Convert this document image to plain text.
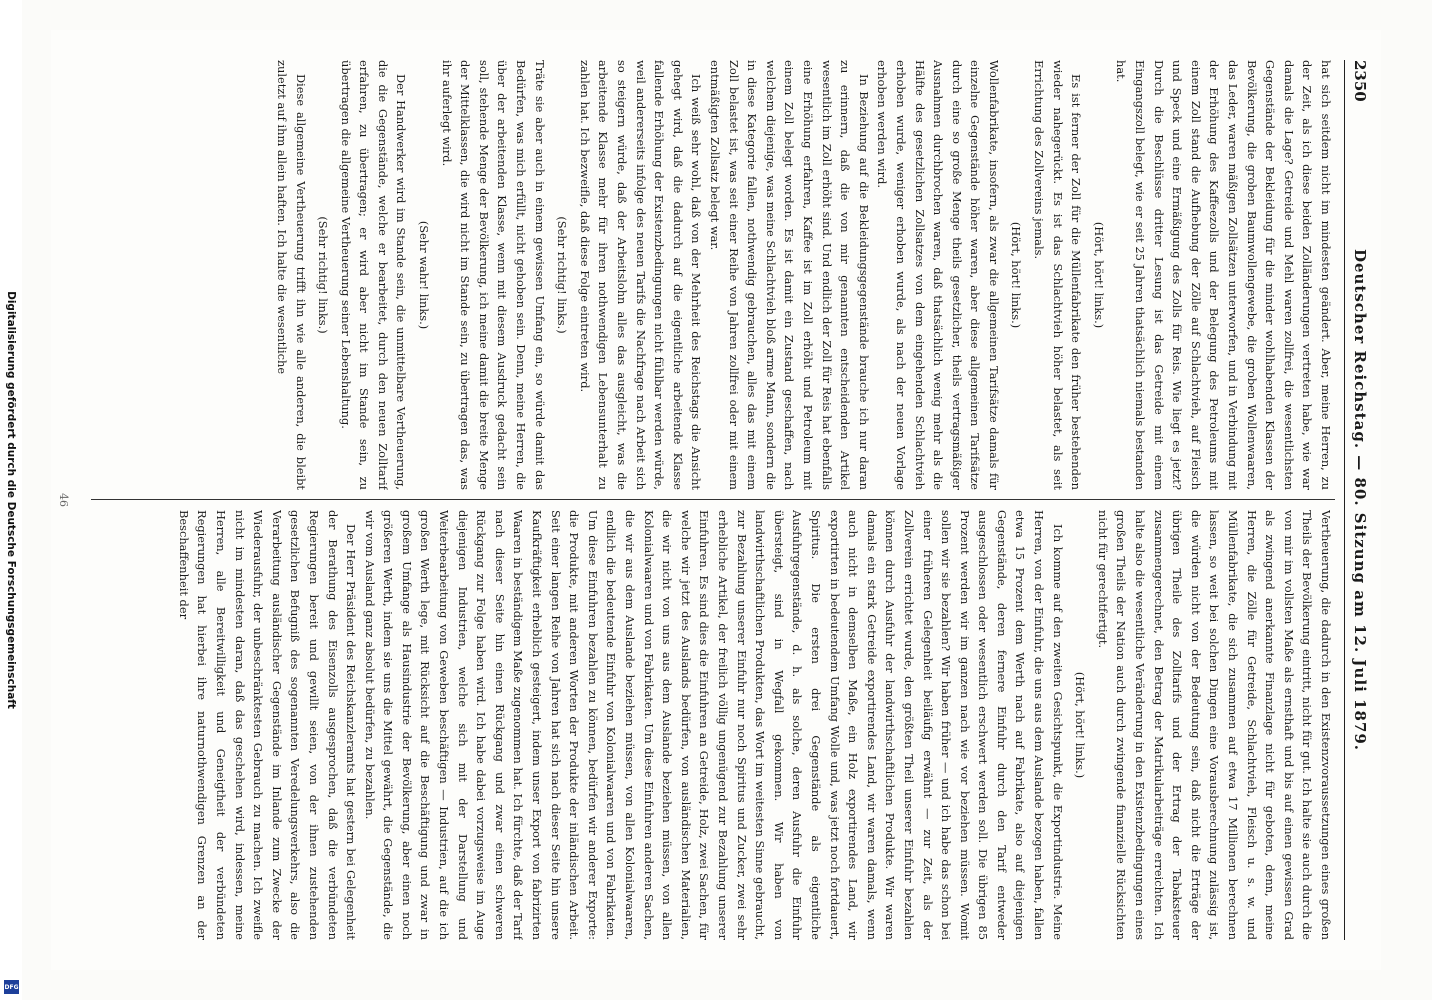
Digitalisierung gefördert durch die Deutsche Forschungsgemeinschaft
DFG
2350
Deutscher Reichstag. — 80. Sitzung am 12. Juli 1879.

hat sich seitdem nicht im mindesten geändert. Aber, meine Herren, zu der Zeit, als ich diese beiden Zolländerungen vertreten habe, wie war damals die Lage? Getreide und Mehl waren zollfrei, die wesentlichsten Gegenstände der Bekleidung für die minder wohlhabenden Klassen der Bevölkerung, die groben Baumwollengewebe, die groben Wollenwaaren, das Leder, waren mäßigen Zollsätzen unterworfen, und in Verbindung mit der Erhöhung des Kaffeezolls und der Belegung des Petroleums mit einem Zoll stand die Aufhebung der Zölle auf Schlachtvieh, auf Fleisch und Speck und eine Ermäßigung des Zolls für Reis. Wie liegt es jetzt? Durch die Beschlüsse dritter Lesung ist das Getreide mit einem Eingangszoll belegt, wie er seit 25 Jahren thatsächlich niemals bestanden hat.

(Hört, hört! links.)

Es ist ferner der Zoll für die Müllenfabrikate den früher bestehenden wieder nahegerückt. Es ist das Schlachtvieh höher belastet, als seit Errichtung des Zollvereins jemals.

(Hört, hört! links.)

Wollenfabrikate, insofern, als zwar die allgemeinen Tarifsätze damals für einzelne Gegenstände höher waren, aber diese allgemeinen Tarifsätze durch eine so große Menge theils gesetzlicher, theils vertragsmäßiger Ausnahmen durchbrochen waren, daß thatsächlich wenig mehr als die Hälfte des gesetzlichen Zollsatzes von dem eingehenden Schlachtvieh erhoben wurde, weniger erhoben wurde, als nach der neuen Vorlage erhoben werden wird.

In Beziehung auf die Bekleidungsgegenstände brauche ich nur daran zu erinnern, daß die von mir genannten entscheidenden Artikel wesentlich im Zoll erhöht sind. Und endlich der Zoll für Reis hat ebenfalls eine Erhöhung erfahren, Kaffee ist im Zoll erhöht und Petroleum mit einem Zoll belegt worden. Es ist damit ein Zustand geschaffen, nach welchem diejenige, was meine Schlachtvieh bloß arme Mann, sondern die in diese Kategorie fallen, nothwendig gebrauchen, alles das mit einem Zoll belastet ist, was seit einer Reihe von Jahren zollfrei oder mit einem entmäßigten Zollsatz belegt war.

Ich weiß sehr wohl, daß von der Mehrheit des Reichstags die Ansicht gehegt wird, daß die dadurch auf die eigentliche arbeitende Klasse fallende Erhöhung der Existenzbedingungen nicht fühlbar werden würde, weil andererseits infolge des neuen Tarifs die Nachfrage nach Arbeit sich so steigern würde, daß der Arbeitslohn alles das ausgleicht, was die arbeitende Klasse mehr für ihren nothwendigen Lebensunterhalt zu zahlen hat. Ich bezweifle, daß diese Folge eintreten wird.

(Sehr richtig! links.)

Träte sie aber auch in einem gewissen Umfang ein, so würde damit das Bedürfen, was mich erfüllt, nicht gehoben sein. Denn, meine Herren, die über der arbeitenden Klasse, wenn mit diesem Ausdruck gedacht sein soll, stehende Menge der Bevölkerung, ich meine damit die breite Menge der Mittelklassen, die wird nicht im Stande sein, zu übertragen das, was ihr auferlegt wird.

(Sehr wahr! links.)

Der Handwerker wird im Stande sein, die unmittelbare Vertheuerung, die die Gegenstände, welche er bearbeitet, durch den neuen Zolltarif erfahren, zu übertragen; er wird aber nicht im Stande sein, zu übertragen die allgemeine Vertheuerung seiner Lebenshaltung.

(Sehr richtig! links.)

Diese allgemeine Vertheuerung trifft ihn wie alle anderen, die bleibt zuletzt auf ihm allein haften. Ich halte die wesentliche

Vertheuerung, die dadurch in den Existenzvoraussetzungen eines großen Theils der Bevölkerung eintritt, nicht für gut. Ich halte sie auch durch die von mir im vollsten Maße als ernsthaft und bis auf einen gewissen Grad als zwingend anerkannte Finanzlage nicht für geboten, denn, meine Herren, die Zölle für Getreide, Schlachtvieh, Fleisch u. s. w. und Müllenfabrikate, die sich zusammen auf etwa 17 Millionen berechnen lassen, so weit bei solchen Dingen eine Vorausberechnung zulässig ist, die würden nicht von der Bedeutung sein, daß nicht die Erträge der übrigen Theile des Zolltarifs und der Ertrag der Tabaksteuer zusammengerechnet, den Betrag der Matrikularbeiträge erreichten. Ich halte also die wesentliche Veränderung in den Existenzbedingungen eines großen Theils der Nation auch durch zwingende finanzielle Rücksichten nicht für gerechtfertigt.

(Hört, hört! links.)

Ich komme auf den zweiten Gesichtspunkt, die Exportindustrie. Meine Herren, von der Einfuhr, die uns aus dem Auslande bezogen haben, fallen etwa 15 Prozent dem Werth nach auf Fabrikate, also auf diejenigen Gegenstände, deren fernere Einfuhr durch den Tarif entweder ausgeschlossen oder wesentlich erschwert werden soll. Die übrigen 85 Prozent werden wir im ganzen nach wie vor beziehen müssen. Womit sollen wir sie bezahlen? Wir haben früher — und ich habe das schon bei einer früheren Gelegenheit beiläufig erwähnt — zur Zeit, als der Zollverein errichtet wurde, den größten Theil unserer Einfuhr bezahlen können durch Ausfuhr der landwirthschaftlichen Produkte. Wir waren damals ein stark Getreide exportirendes Land, wir waren damals, wenn auch nicht in demselben Maße, ein Holz exportirendes Land, wir exportirten in bedeutendem Umfang Wolle und, was jetzt noch fortdauert, Spiritus. Die ersten drei Gegenstände als eigentliche Ausfuhrgegenstände, d. h. als solche, deren Ausfuhr die Einfuhr übersteigt, sind in Wegfall gekommen. Wir haben von landwirthschaftlichen Produkten, das Wort im weitesten Sinne gebraucht, zur Bezahlung unserer Einfuhr nur noch Spiritus und Zucker, zwei sehr erhebliche Artikel, der freilich völlig ungenügend zur Bezahlung unserer Einfuhren. Es sind dies die Einfuhren an Getreide, Holz, zwei Sachen, für welche wir jetzt des Auslands bedürfen, von ausländischen Materialien, die wir nicht von uns aus dem Auslande beziehen müssen, von allen Kolonialwaaren und von Fabrikaten. Um diese Einfuhren anderen Sachen, die wir aus dem Auslande beziehen müssen, von allen Kolonialwaaren, endlich die bedeutende Einfuhr von Kolonialwaaren und von Fabrikaten. Um diese Einfuhren bezahlen zu können, bedürfen wir anderer Exporte: die Produkte, mit anderen Worten der Produkte der inländischen Arbeit. Seit einer langen Reihe von Jahren hat sich nach dieser Seite hin unsere Kaufkräftigkeit erheblich gesteigert, indem unser Export von fabrizirten Waaren in beständigem Maße zugenommen hat. Ich fürchte, daß der Tarif nach dieser Seite hin einen Rückgang und zwar einen schweren Rückgang zur Folge haben wird. Ich habe dabei vorzugsweise im Auge diejenigen Industrien, welche sich mit der Darstellung und Weiterbearbeitung von Geweben beschäftigen — Industrien, auf die ich großen Werth lege, mit Rücksicht auf die Beschäftigung und zwar in großem Umfange als Hausindustrie der Bevölkerung, aber einen noch größeren Werth, indem sie uns die Mittel gewährt, die Gegenstände, die wir vom Ausland ganz absolut bedürfen, zu bezahlen.

Der Herr Präsident des Reichskanzleramts hat gestern bei Gelegenheit der Berathung des Eisenzolls ausgesprochen, daß die verbündeten Regierungen bereit und gewillt seien, von der ihnen zustehenden gesetzlichen Befugniß des sogenannten Veredelungsverkehrs, also die Verarbeitung ausländischer Gegenstände im Inlande zum Zwecke der Wiederausfuhr, der unbeschränktesten Gebrauch zu machen. Ich zweifle nicht im mindesten daran, daß das geschehen wird, indessen, meine Herren, alle Bereitwilligkeit und Geneigtheit der verbündeten Regierungen hat hierbei ihre naturnothwendigen Grenzen an der Beschaffenheit der

46
